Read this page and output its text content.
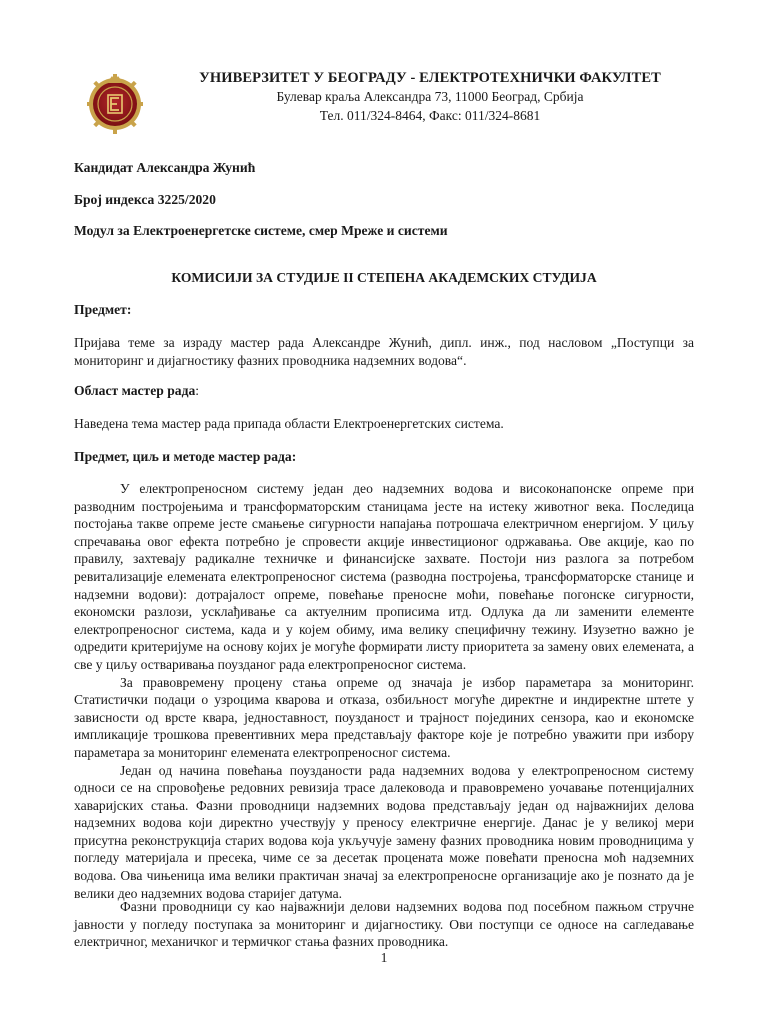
УНИВЕРЗИТЕТ У БЕОГРАДУ - ЕЛЕКТРОТЕХНИЧКИ ФАКУЛТЕТ
Булевар краља Александра 73, 11000 Београд, Србија
Тел. 011/324-8464, Факс: 011/324-8681
Кандидат Александра Жунић
Број индекса 3225/2020
Модул за Електроенергетске системе, смер Мреже и системи
КОМИСИЈИ ЗА СТУДИЈЕ II СТЕПЕНА АКАДЕМСКИХ СТУДИЈА
Предмет:

Пријава теме за израду мастер рада Александре Жунић, дипл. инж., под насловом „Поступци за мониторинг и дијагностику фазних проводника надземних водова“.

Област мастер рада:
Наведена тема мастер рада припада области Електроенергетских система.
Предмет, циљ и методе мастер рада:

У електропреносном систему један део надземних водова и високонапонске опреме при разводним постројењима и трансформаторским станицама јесте на истеку животног века. Последица постојања такве опреме јесте смањење сигурности напајања потрошача електричном енергијом. У циљу спречавања овог ефекта потребно је спровести акције инвестиционог одржавања. Ове акције, као по правилу, захтевају радикалне техничке и финансијске захвате. Постоји низ разлога за потребом ревитализације елемената електропреносног система (разводна постројења, трансформаторске станице и надземни водови): дотрајалост опреме, повећање преносне моћи, повећање погонске сигурности, економски разлози, усклађивање са актуелним прописима итд. Одлука да ли заменити елементе електропреносног система, када и у којем обиму, има велику специфичну тежину. Изузетно важно је одредити критеријуме на основу којих је могуће формирати листу приоритета за замену ових елемената, а све у циљу остваривања поузданог рада електропреносног система.

За правовремену процену стања опреме од значаја је избор параметара за мониторинг. Статистички подаци о узроцима кварова и отказа, озбиљност могуће директне и индиректне штете у зависности од врсте квара, једноставност, поузданост и трајност појединих сензора, као и економске импликације трошкова превентивних мера представљају факторе које је потребно уважити при избору параметара за мониторинг елемената електропреносног система.

Један од начина повећања поузданости рада надземних водова у електропреносном систему односи се на спровођење редовних ревизија трасе далековода и правовремено уочавање потенцијалних хаваријских стања. Фазни проводници надземних водова представљају један од најважнијих делова надземних водова који директно учествују у преносу електричне енергије. Данас је у великој мери присутна реконструкција старих водова која укључује замену фазних проводника новим проводницима у погледу материјала и пресека, чиме се за десетак процената може повећати преносна моћ надземних водова. Ова чињеница има велики практичан значај за електропреносне организације ако је познато да је велики део надземних водова старијег датума.

Фазни проводници су као најважнији делови надземних водова под посебном пажњом стручне јавности у погледу поступака за мониторинг и дијагностику. Ови поступци се односе на сагледавање електричног, механичког и термичког стања фазних проводника.

1
